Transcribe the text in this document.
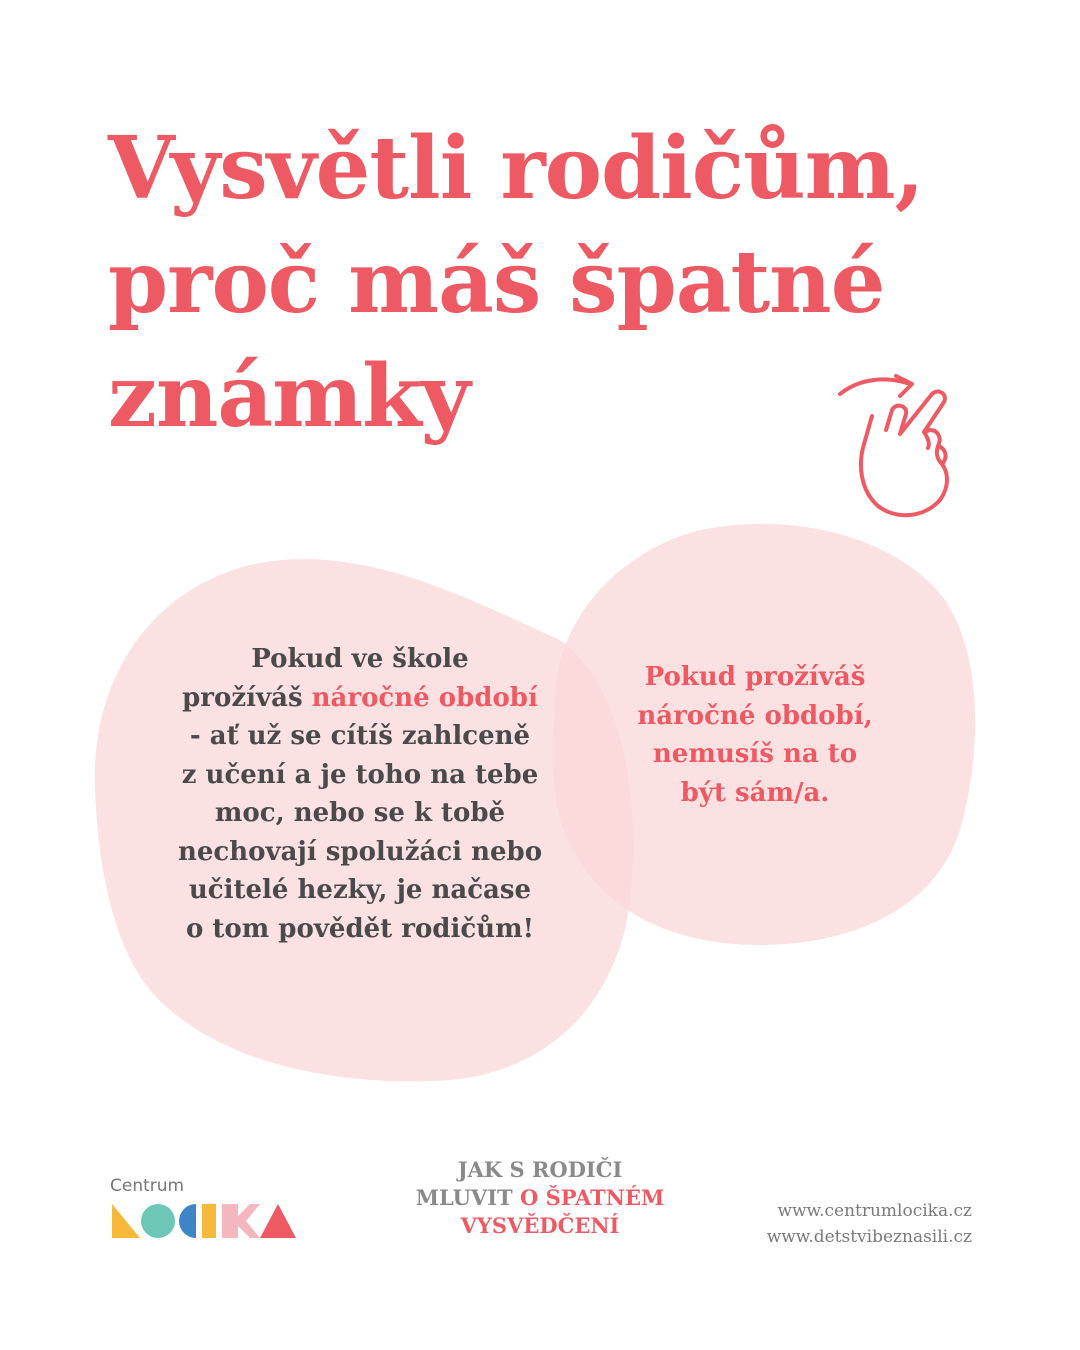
Vysvětli rodičům,
proč máš špatné
známky
Pokud ve škole
prožíváš náročné období
- ať už se cítíš zahlceně
z učení a je toho na tebe
moc, nebo se k tobě
nechovají spolužáci nebo
učitelé hezky, je načase
o tom povědět rodičům!
Pokud prožíváš
náročné období,
nemusíš na to
být sám/a.
Centrum
JAK S RODIČI
MLUVIT O ŠPATNÉM
VYSVĚDČENÍ
www.centrumlocika.cz
www.detstvibeznasili.cz
